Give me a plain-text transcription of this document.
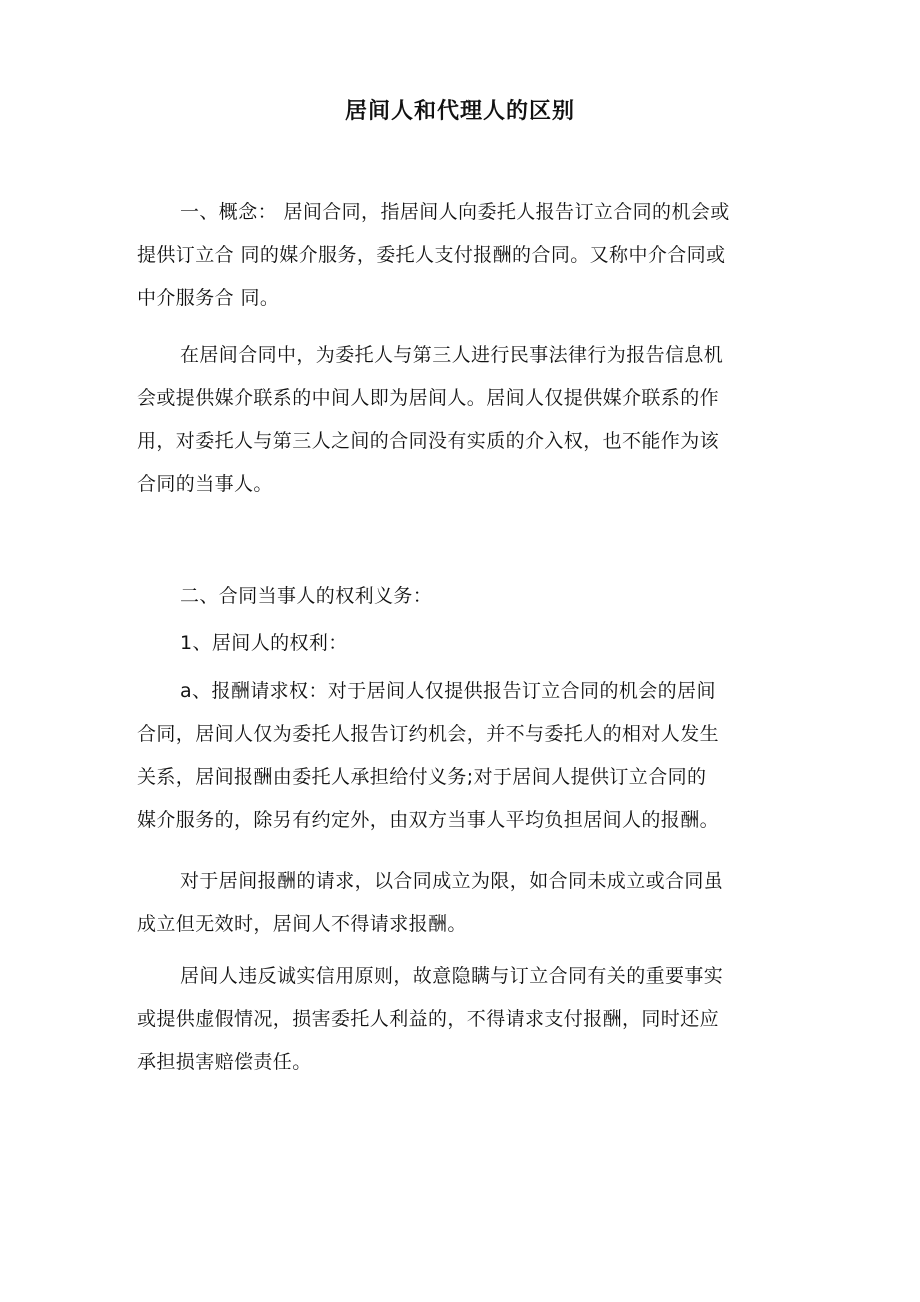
居间人和代理人的区别
一、概念： 居间合同，指居间人向委托人报告订立合同的机会或
提供订立合 同的媒介服务，委托人支付报酬的合同。又称中介合同或
中介服务合 同。
在居间合同中，为委托人与第三人进行民事法律行为报告信息机
会或提供媒介联系的中间人即为居间人。居间人仅提供媒介联系的作
用，对委托人与第三人之间的合同没有实质的介入权，也不能作为该
合同的当事人。
二、合同当事人的权利义务：
1、居间人的权利：
a、报酬请求权：对于居间人仅提供报告订立合同的机会的居间
合同，居间人仅为委托人报告订约机会，并不与委托人的相对人发生
关系，居间报酬由委托人承担给付义务;对于居间人提供订立合同的
媒介服务的，除另有约定外，由双方当事人平均负担居间人的报酬。
对于居间报酬的请求，以合同成立为限，如合同未成立或合同虽
成立但无效时，居间人不得请求报酬。
居间人违反诚实信用原则，故意隐瞒与订立合同有关的重要事实
或提供虚假情况，损害委托人利益的，不得请求支付报酬，同时还应
承担损害赔偿责任。
